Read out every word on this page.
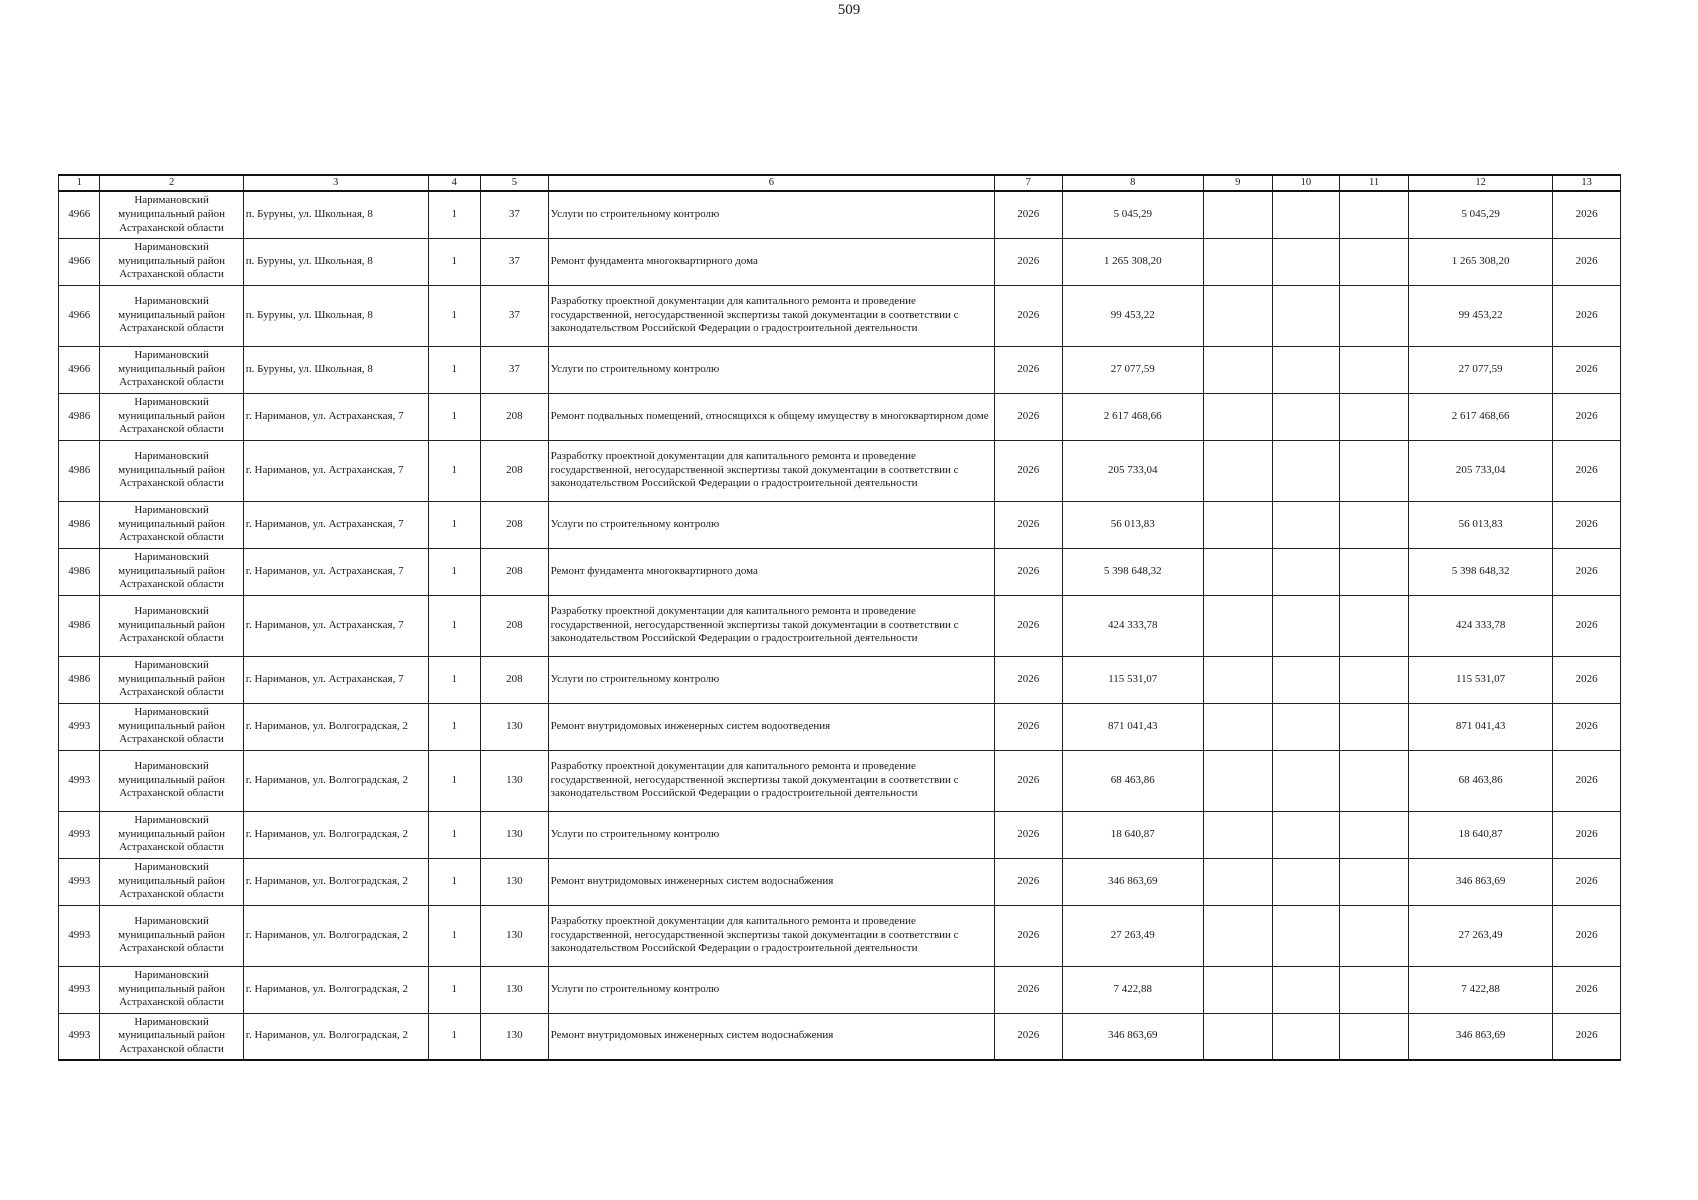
509
1	2	3	4	5	6	7	8	9	10	11	12	13
4966	Наримановский муниципальный район Астраханской области	п. Буруны, ул. Школьная, 8	1	37	Услуги по строительному контролю	2026	5 045,29				5 045,29	2026
4966	Наримановский муниципальный район Астраханской области	п. Буруны, ул. Школьная, 8	1	37	Ремонт фундамента многоквартирного дома	2026	1 265 308,20				1 265 308,20	2026
4966	Наримановский муниципальный район Астраханской области	п. Буруны, ул. Школьная, 8	1	37	Разработку проектной документации для капитального ремонта и проведение государственной, негосударственной экспертизы такой документации в соответствии с законодательством Российской Федерации о градостроительной деятельности	2026	99 453,22				99 453,22	2026
4966	Наримановский муниципальный район Астраханской области	п. Буруны, ул. Школьная, 8	1	37	Услуги по строительному контролю	2026	27 077,59				27 077,59	2026
4986	Наримановский муниципальный район Астраханской области	г. Нариманов, ул. Астраханская, 7	1	208	Ремонт подвальных помещений, относящихся к общему имуществу в многоквартирном доме	2026	2 617 468,66				2 617 468,66	2026
4986	Наримановский муниципальный район Астраханской области	г. Нариманов, ул. Астраханская, 7	1	208	Разработку проектной документации для капитального ремонта и проведение государственной, негосударственной экспертизы такой документации в соответствии с законодательством Российской Федерации о градостроительной деятельности	2026	205 733,04				205 733,04	2026
4986	Наримановский муниципальный район Астраханской области	г. Нариманов, ул. Астраханская, 7	1	208	Услуги по строительному контролю	2026	56 013,83				56 013,83	2026
4986	Наримановский муниципальный район Астраханской области	г. Нариманов, ул. Астраханская, 7	1	208	Ремонт фундамента многоквартирного дома	2026	5 398 648,32				5 398 648,32	2026
4986	Наримановский муниципальный район Астраханской области	г. Нариманов, ул. Астраханская, 7	1	208	Разработку проектной документации для капитального ремонта и проведение государственной, негосударственной экспертизы такой документации в соответствии с законодательством Российской Федерации о градостроительной деятельности	2026	424 333,78				424 333,78	2026
4986	Наримановский муниципальный район Астраханской области	г. Нариманов, ул. Астраханская, 7	1	208	Услуги по строительному контролю	2026	115 531,07				115 531,07	2026
4993	Наримановский муниципальный район Астраханской области	г. Нариманов, ул. Волгоградская, 2	1	130	Ремонт внутридомовых инженерных систем водоотведения	2026	871 041,43				871 041,43	2026
4993	Наримановский муниципальный район Астраханской области	г. Нариманов, ул. Волгоградская, 2	1	130	Разработку проектной документации для капитального ремонта и проведение государственной, негосударственной экспертизы такой документации в соответствии с законодательством Российской Федерации о градостроительной деятельности	2026	68 463,86				68 463,86	2026
4993	Наримановский муниципальный район Астраханской области	г. Нариманов, ул. Волгоградская, 2	1	130	Услуги по строительному контролю	2026	18 640,87				18 640,87	2026
4993	Наримановский муниципальный район Астраханской области	г. Нариманов, ул. Волгоградская, 2	1	130	Ремонт внутридомовых инженерных систем водоснабжения	2026	346 863,69				346 863,69	2026
4993	Наримановский муниципальный район Астраханской области	г. Нариманов, ул. Волгоградская, 2	1	130	Разработку проектной документации для капитального ремонта и проведение государственной, негосударственной экспертизы такой документации в соответствии с законодательством Российской Федерации о градостроительной деятельности	2026	27 263,49				27 263,49	2026
4993	Наримановский муниципальный район Астраханской области	г. Нариманов, ул. Волгоградская, 2	1	130	Услуги по строительному контролю	2026	7 422,88				7 422,88	2026
4993	Наримановский муниципальный район Астраханской области	г. Нариманов, ул. Волгоградская, 2	1	130	Ремонт внутридомовых инженерных систем водоснабжения	2026	346 863,69				346 863,69	2026
